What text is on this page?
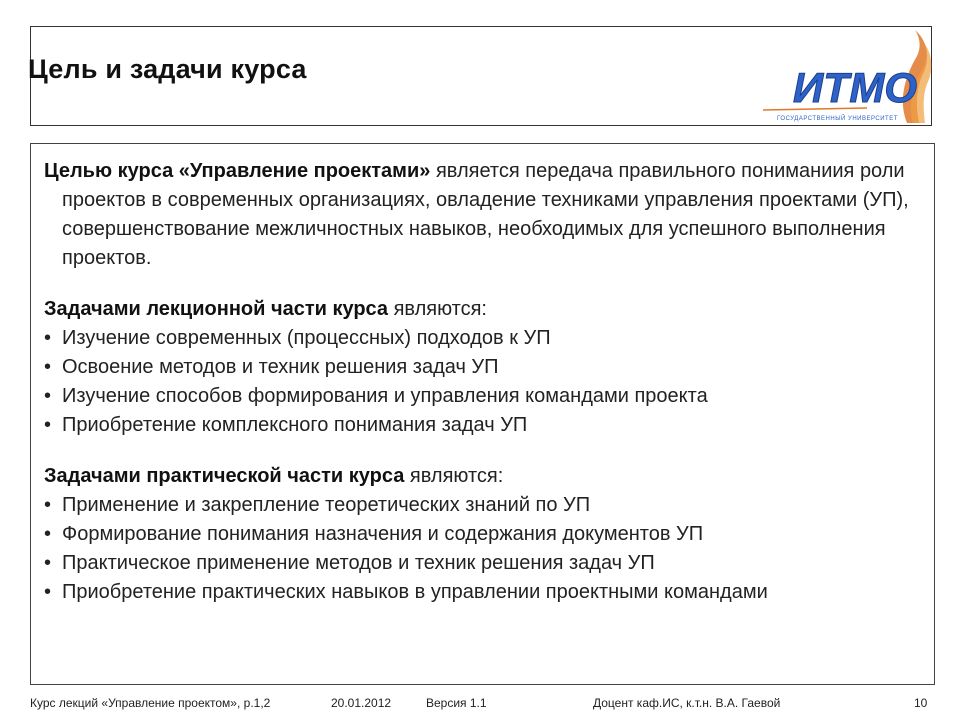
Цель и задачи курса	ИТМО
ГОСУДАРСТВЕННЫЙ УНИВЕРСИТЕТ

Целью курса «Управление проектами» является передача правильного пониманиия роли проектов в современных организациях, овладение техниками управления проектами (УП), совершенствование межличностных навыков, необходимых для успешного выполнения проектов.

Задачами лекционной части курса являются:

• Изучение современных (процессных) подходов к УП
• Освоение методов и техник решения задач УП
• Изучение способов формирования и управления командами проекта
• Приобретение комплексного понимания задач УП

Задачами практической части курса являются:

• Применение и закрепление теоретических знаний по УП
• Формирование понимания назначения и содержания документов УП
• Практическое применение методов и техник решения задач УП
• Приобретение практических навыков в управлении проектными командами
Курс лекций «Управление проектом», р.1,2	20.01.2012	Версия 1.1	Доцент каф.ИС, к.т.н. В.А. Гаевой	10
